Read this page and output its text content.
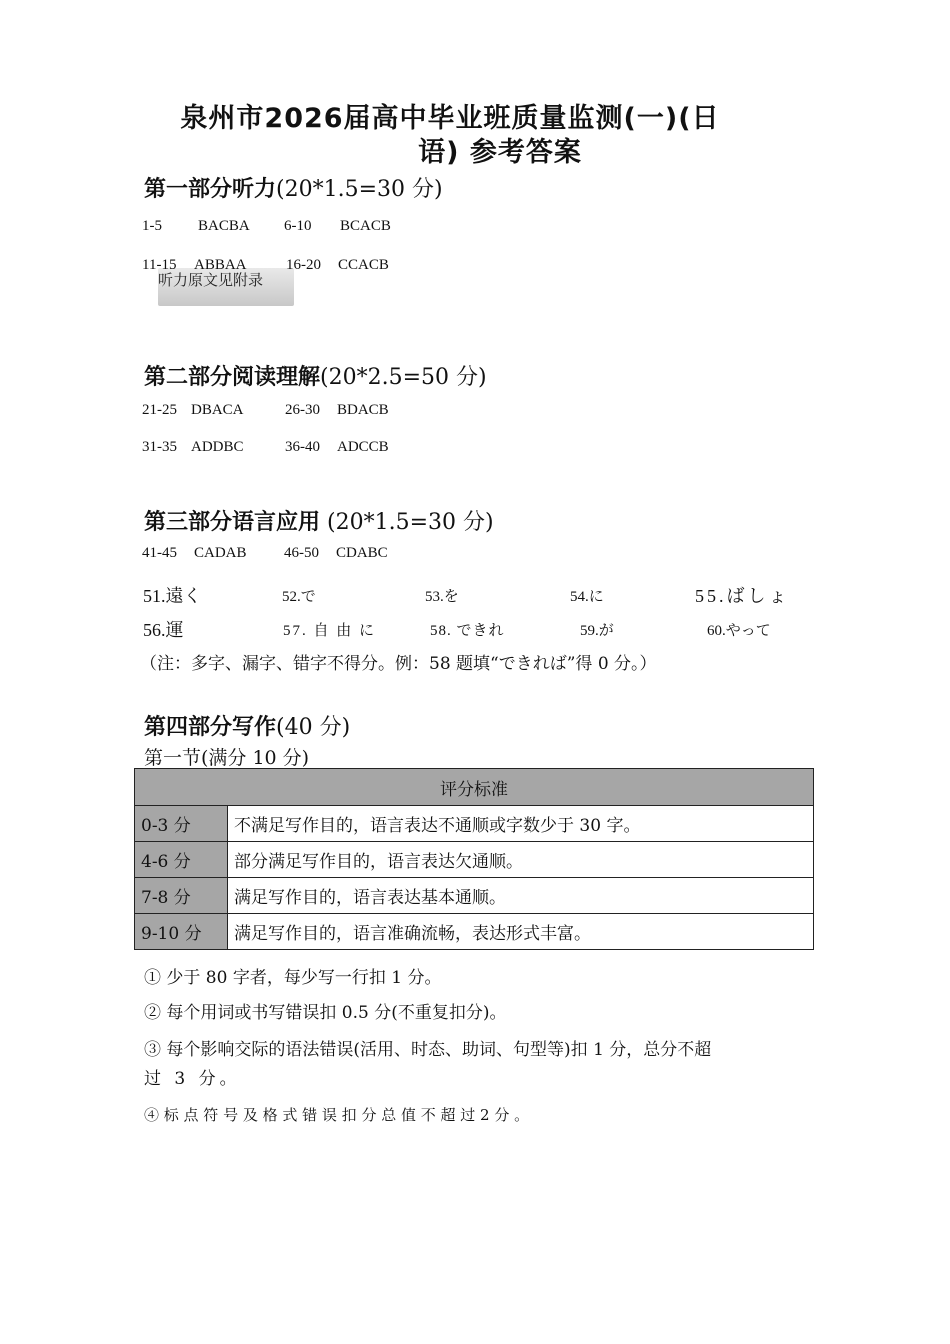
泉州市2026届高中毕业班质量监测(一)(日
语) 参考答案
第一部分听力(20*1.5=30 分)
1-5 BACBA 6-10 BCACB
11-15 ABBAA	16-20 CCACB
听力原文见附录
第二部分阅读理解(20*2.5=50 分)
21-25 DBACA	26-30 BDACB
31-35 ADDBC	36-40 ADCCB
第三部分语言应用 (20*1.5=30 分)
41-45 CADAB 46-50 CDABC
51.遠く	52.で	53.を	54.に	55.ばしょ
56.運	57. 自 由 に	58. できれ	59.が	60.やって
（注：多字、漏字、错字不得分。例：58 题填“できれば”得 0 分。）
第四部分写作(40 分)
第一节(满分 10 分)
评分标准	
0-3 分	不满足写作目的，语言表达不通顺或字数少于 30 字。
4-6 分	部分满足写作目的，语言表达欠通顺。
7-8 分	满足写作目的，语言表达基本通顺。
9-10 分	满足写作目的，语言准确流畅，表达形式丰富。
① 少于 80 字者，每少写一行扣 1 分。
② 每个用词或书写错误扣 0.5 分(不重复扣分)。
③ 每个影响交际的语法错误(活用、时态、助词、句型等)扣 1 分，总分不超
过 3 分。
④ 标 点 符 号 及 格 式 错 误 扣 分 总 值 不 超 过 2 分 。
